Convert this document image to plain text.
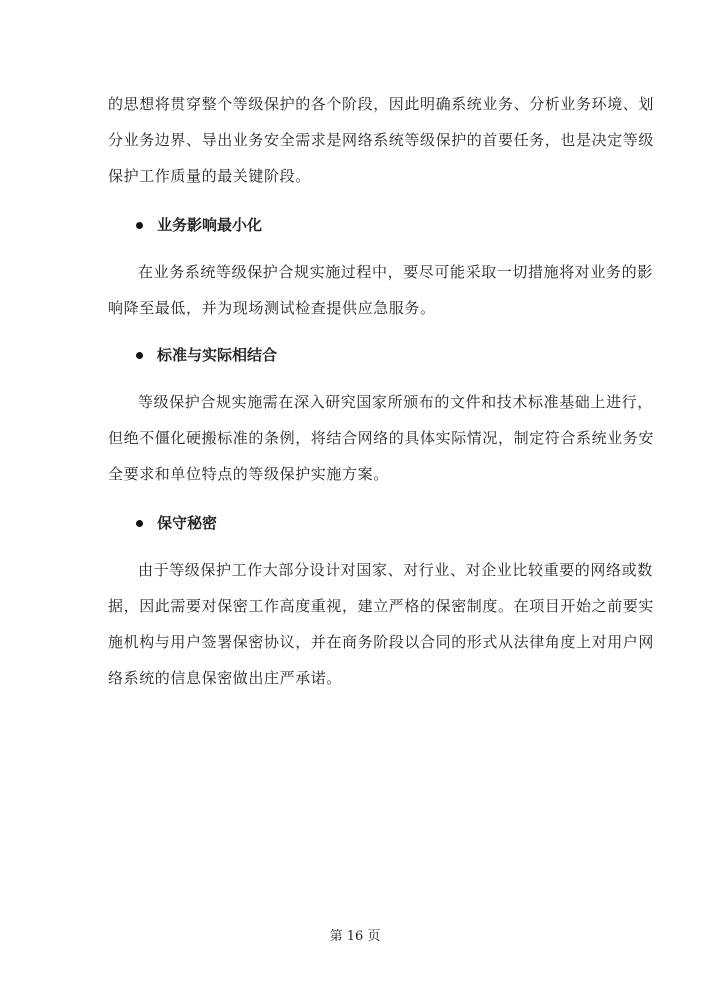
的思想将贯穿整个等级保护的各个阶段，因此明确系统业务、分析业务环境、划
分业务边界、导出业务安全需求是网络系统等级保护的首要任务，也是决定等级
保护工作质量的最关键阶段。

业务影响最小化

在业务系统等级保护合规实施过程中，要尽可能采取一切措施将对业务的影
响降至最低，并为现场测试检查提供应急服务。

标准与实际相结合

等级保护合规实施需在深入研究国家所颁布的文件和技术标准基础上进行，
但绝不僵化硬搬标准的条例，将结合网络的具体实际情况，制定符合系统业务安
全要求和单位特点的等级保护实施方案。

保守秘密

由于等级保护工作大部分设计对国家、对行业、对企业比较重要的网络或数
据，因此需要对保密工作高度重视，建立严格的保密制度。在项目开始之前要实
施机构与用户签署保密协议，并在商务阶段以合同的形式从法律角度上对用户网
络系统的信息保密做出庄严承诺。

第 16 页
